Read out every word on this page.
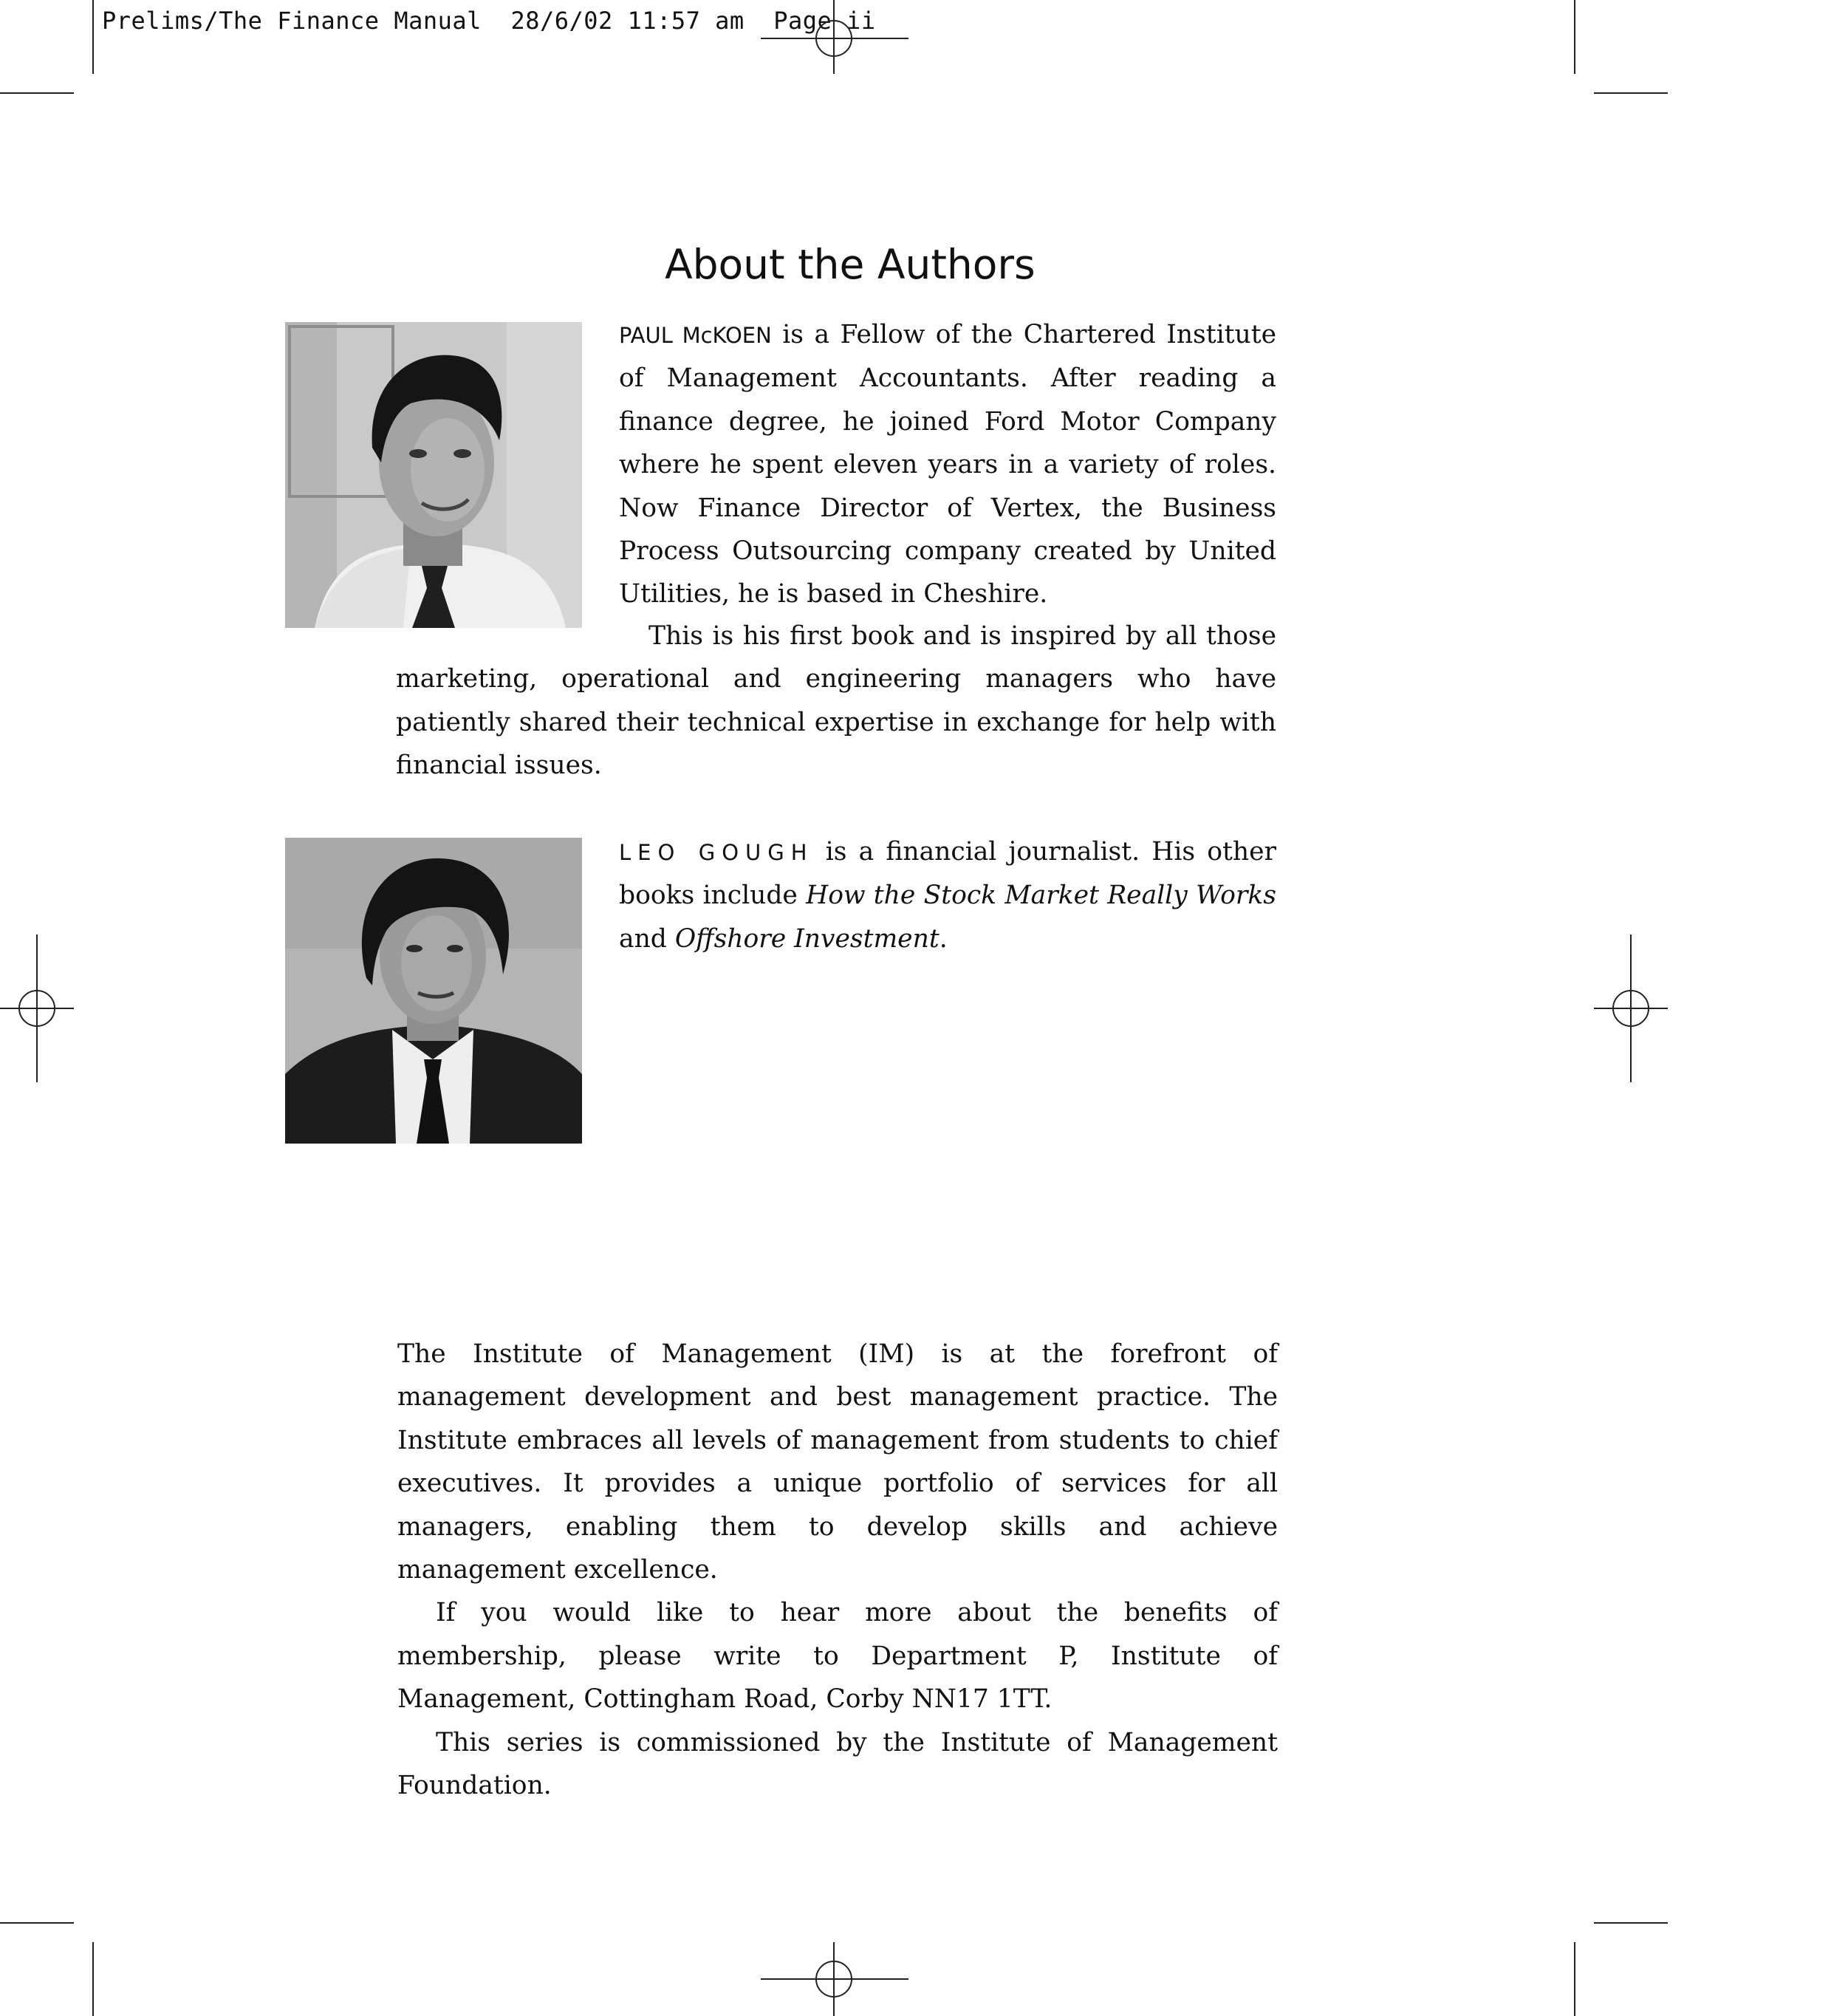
Prelims/The Finance Manual  28/6/02 11:57 am  Page ii
About the Authors
PAUL McKOEN is a Fellow of the Chartered Institute of Management Accountants. After reading a finance degree, he joined Ford Motor Company where he spent eleven years in a variety of roles. Now Finance Director of Vertex, the Business Process Outsourcing company created by United Utilities, he is based in Cheshire.
This is his first book and is inspired by all those marketing, operational and engineering managers who have patiently shared their technical expertise in exchange for help with financial issues.
LEO GOUGH is a financial journalist. His other books include How the Stock Market Really Works and Offshore Investment.

The Institute of Management (IM) is at the forefront of management development and best management practice. The Institute embraces all levels of management from students to chief executives. It provides a unique portfolio of services for all managers, enabling them to develop skills and achieve management excellence.

If you would like to hear more about the benefits of membership, please write to Department P, Institute of Management, Cottingham Road, Corby NN17 1TT.

This series is commissioned by the Institute of Management Foundation.
